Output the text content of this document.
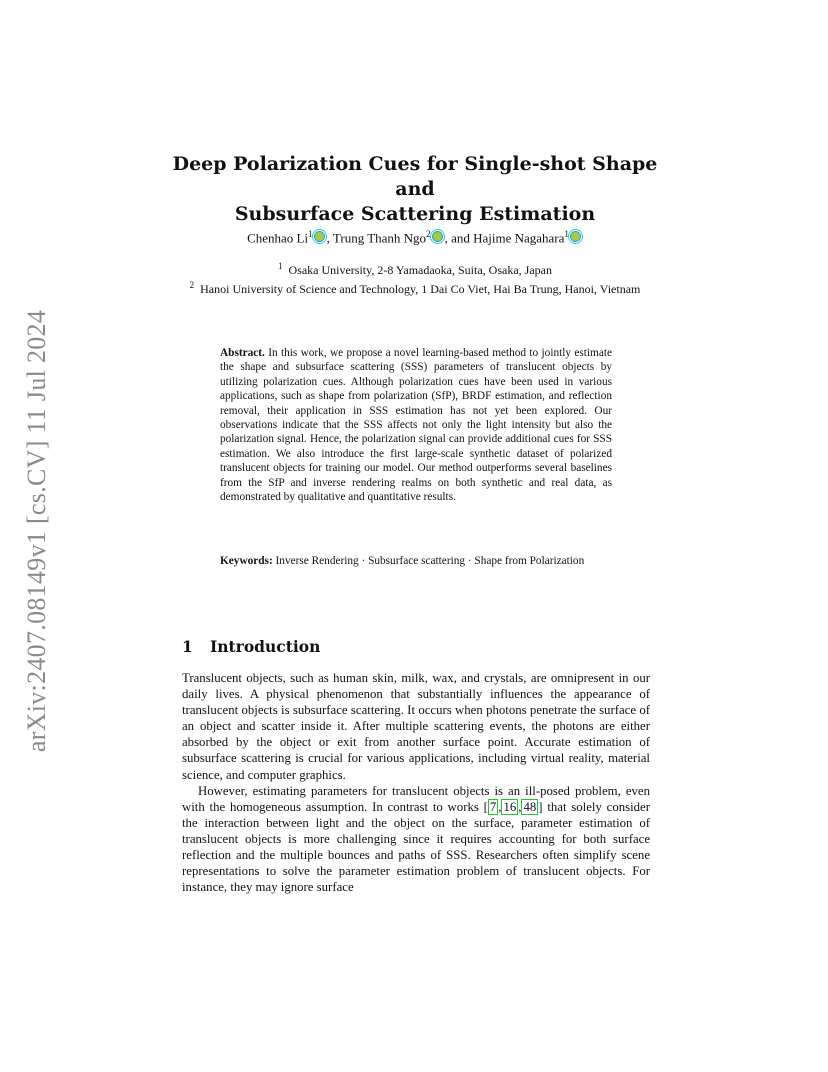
arXiv:2407.08149v1 [cs.CV] 11 Jul 2024
Deep Polarization Cues for Single-shot Shape and
Subsurface Scattering Estimation
Chenhao Li$^1$ , Trung Thanh Ngo$^2$ , and Hajime Nagahara$^1$
$^1$ Osaka University, 2-8 Yamadaoka, Suita, Osaka, Japan
$^2$ Hanoi University of Science and Technology, 1 Dai Co Viet, Hai Ba Trung, Hanoi, Vietnam
Abstract. In this work, we propose a novel learning-based method to jointly estimate the shape and subsurface scattering (SSS) parameters of translucent objects by utilizing polarization cues. Although polarization cues have been used in various applications, such as shape from polarization (SfP), BRDF estimation, and reflection removal, their application in SSS estimation has not yet been explored. Our observations indicate that the SSS affects not only the light intensity but also the polarization signal. Hence, the polarization signal can provide additional cues for SSS estimation. We also introduce the first large-scale synthetic dataset of polarized translucent objects for training our model. Our method outperforms several baselines from the SfP and inverse rendering realms on both synthetic and real data, as demonstrated by qualitative and quantitative results.
Keywords: Inverse Rendering · Subsurface scattering · Shape from Polarization
1 Introduction

Translucent objects, such as human skin, milk, wax, and crystals, are omnipresent in our daily lives. A physical phenomenon that substantially influences the appearance of translucent objects is subsurface scattering. It occurs when photons penetrate the surface of an object and scatter inside it. After multiple scattering events, the photons are either absorbed by the object or exit from another surface point. Accurate estimation of subsurface scattering is crucial for various applications, including virtual reality, material science, and computer graphics.

However, estimating parameters for translucent objects is an ill-posed problem, even with the homogeneous assumption. In contrast to works [ 7 , 16 , 48 ] that solely consider the interaction between light and the object on the surface, parameter estimation of translucent objects is more challenging since it requires accounting for both surface reflection and the multiple bounces and paths of SSS. Researchers often simplify scene representations to solve the parameter estimation problem of translucent objects. For instance, they may ignore surface
